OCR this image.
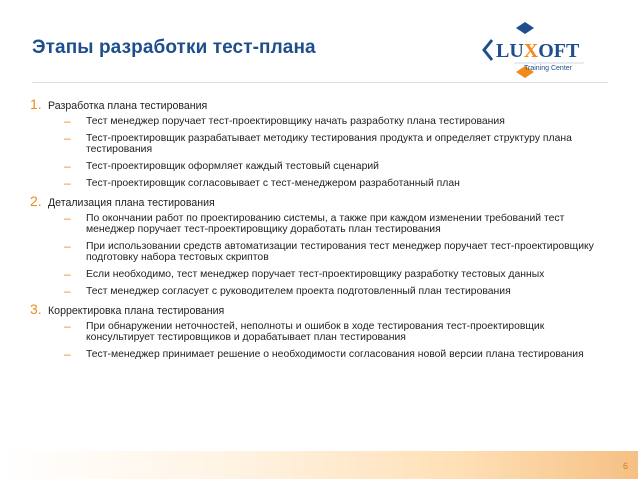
Этапы разработки тест-плана	LUXOFT
Training Center
1. Разработка плана тестирования
–	Тест менеджер поручает тест-проектировщику начать разработку плана тестирования
–	Тест-проектировщик разрабатывает методику тестирования продукта и определяет структуру плана тестирования
–	Тест-проектировщик оформляет каждый тестовый сценарий
–	Тест-проектировщик согласовывает с тест-менеджером разработанный план
2. Детализация плана тестирования
–	По окончании работ по проектированию системы, а также при каждом изменении требований тест менеджер поручает тест-проектировщику доработать план тестирования
–	При использовании средств автоматизации тестирования тест менеджер поручает тест-проектировщику подготовку набора тестовых скриптов
–	Если необходимо, тест менеджер поручает тест-проектировщику разработку тестовых данных
–	Тест менеджер согласует с руководителем проекта подготовленный план тестирования
3. Корректировка плана тестирования
–	При обнаружении неточностей, неполноты и ошибок в ходе тестирования тест-проектировщик консультирует тестировщиков и дорабатывает план тестирования
–	Тест-менеджер принимает решение о необходимости согласования новой версии плана тестирования
6
